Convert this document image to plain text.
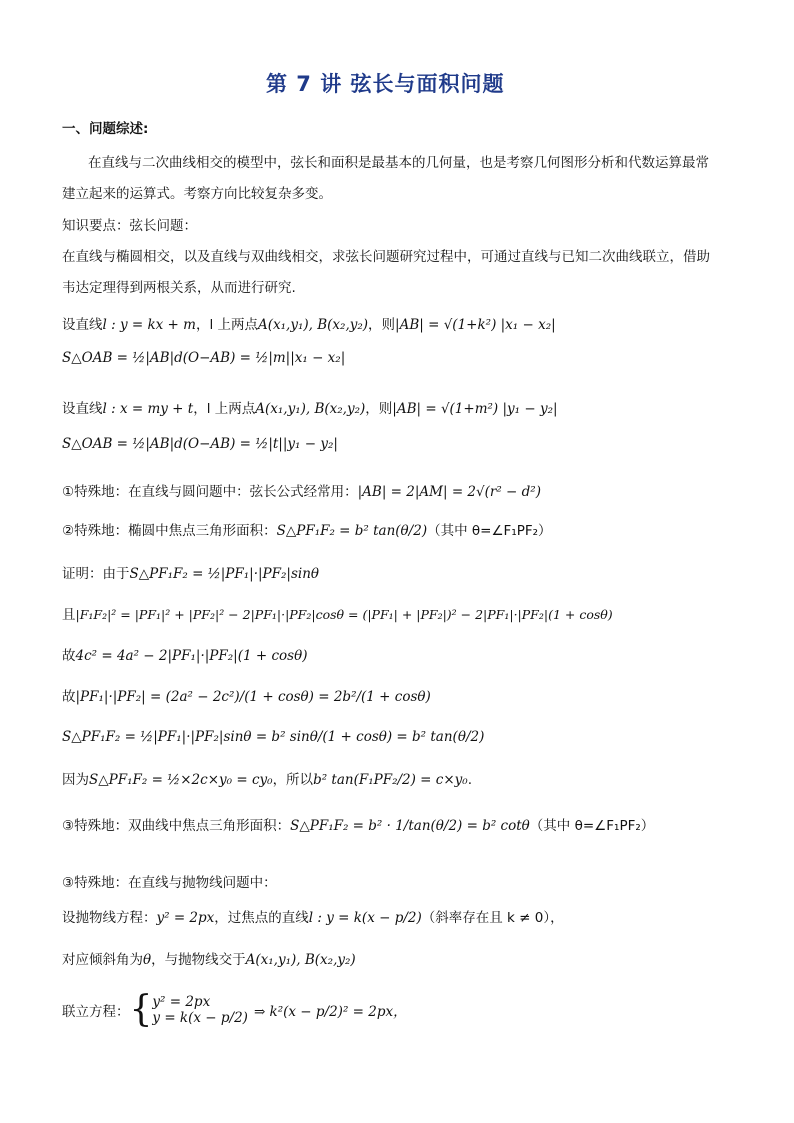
第 7 讲 弦长与面积问题
一、问题综述:
在直线与二次曲线相交的模型中，弦长和面积是最基本的几何量，也是考察几何图形分析和代数运算最常
建立起来的运算式。考察方向比较复杂多变。
知识要点：弦长问题：
在直线与椭圆相交，以及直线与双曲线相交，求弦长问题研究过程中，可通过直线与已知二次曲线联立，借助
韦达定理得到两根关系，从而进行研究.
设直线l : y = kx + m，l 上两点A(x₁,y₁), B(x₂,y₂)，则|AB| = √(1+k²) |x₁ − x₂|
S△OAB = ½|AB|d(O−AB) = ½|m||x₁ − x₂|
设直线l : x = my + t，l 上两点A(x₁,y₁), B(x₂,y₂)，则|AB| = √(1+m²) |y₁ − y₂|
S△OAB = ½|AB|d(O−AB) = ½|t||y₁ − y₂|
①特殊地：在直线与圆问题中：弦长公式经常用：|AB| = 2|AM| = 2√(r² − d²)
②特殊地：椭圆中焦点三角形面积：S△PF₁F₂ = b² tan(θ/2)（其中 θ=∠F₁PF₂）
证明：由于S△PF₁F₂ = ½|PF₁|·|PF₂|sinθ
且|F₁F₂|² = |PF₁|² + |PF₂|² − 2|PF₁|·|PF₂|cosθ = (|PF₁| + |PF₂|)² − 2|PF₁|·|PF₂|(1 + cosθ)
故4c² = 4a² − 2|PF₁|·|PF₂|(1 + cosθ)
故|PF₁|·|PF₂| = (2a² − 2c²)/(1 + cosθ) = 2b²/(1 + cosθ)
S△PF₁F₂ = ½|PF₁|·|PF₂|sinθ = b² sinθ/(1 + cosθ) = b² tan(θ/2)
因为S△PF₁F₂ = ½×2c×y₀ = cy₀，所以b² tan(F₁PF₂/2) = c×y₀.
③特殊地：双曲线中焦点三角形面积：S△PF₁F₂ = b² · 1/tan(θ/2) = b² cotθ（其中 θ=∠F₁PF₂）
③特殊地：在直线与抛物线问题中：
设抛物线方程：y² = 2px，过焦点的直线l : y = k(x − p/2)（斜率存在且 k ≠ 0），
对应倾斜角为θ，与抛物线交于A(x₁,y₁), B(x₂,y₂)
联立方程： { y² = 2px
y = k(x − p/2) ⇒ k²(x − p/2)² = 2px，
